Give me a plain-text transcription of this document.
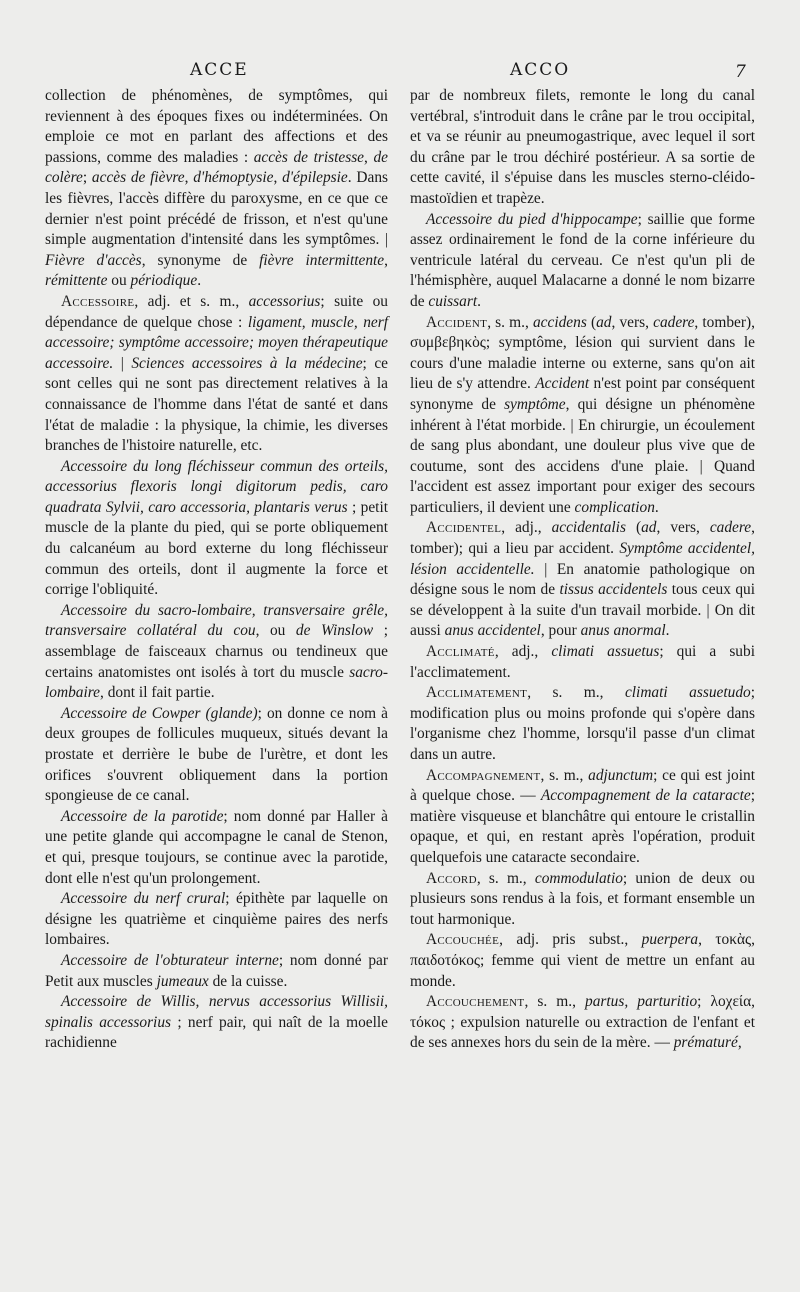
ACCE	ACCO	7

collection de phénomènes, de symptômes, qui reviennent à des époques fixes ou indéterminées. On emploie ce mot en parlant des affections et des passions, comme des maladies : accès de tristesse, de colère; accès de fièvre, d'hémoptysie, d'épilepsie. Dans les fièvres, l'accès diffère du paroxysme, en ce que ce dernier n'est point précédé de frisson, et n'est qu'une simple augmentation d'intensité dans les symptômes. | Fièvre d'accès, synonyme de fièvre intermittente, rémittente ou périodique.

Accessoire, adj. et s. m., accessorius; suite ou dépendance de quelque chose : ligament, muscle, nerf accessoire; symptôme accessoire; moyen thérapeutique accessoire. | Sciences accessoires à la médecine; ce sont celles qui ne sont pas directement relatives à la connaissance de l'homme dans l'état de santé et dans l'état de maladie : la physique, la chimie, les diverses branches de l'histoire naturelle, etc.

Accessoire du long fléchisseur commun des orteils, accessorius flexoris longi digitorum pedis, caro quadrata Sylvii, caro accessoria, plantaris verus ; petit muscle de la plante du pied, qui se porte obliquement du calcanéum au bord externe du long fléchisseur commun des orteils, dont il augmente la force et corrige l'obliquité.

Accessoire du sacro-lombaire, transversaire grêle, transversaire collatéral du cou, ou de Winslow ; assemblage de faisceaux charnus ou tendineux que certains anatomistes ont isolés à tort du muscle sacro-lombaire, dont il fait partie.

Accessoire de Cowper (glande); on donne ce nom à deux groupes de follicules muqueux, situés devant la prostate et derrière le bube de l'urètre, et dont les orifices s'ouvrent obliquement dans la portion spongieuse de ce canal.

Accessoire de la parotide; nom donné par Haller à une petite glande qui accompagne le canal de Stenon, et qui, presque toujours, se continue avec la parotide, dont elle n'est qu'un prolongement.

Accessoire du nerf crural; épithète par laquelle on désigne les quatrième et cinquième paires des nerfs lombaires.

Accessoire de l'obturateur interne; nom donné par Petit aux muscles jumeaux de la cuisse.

Accessoire de Willis, nervus accessorius Willisii, spinalis accessorius ; nerf pair, qui naît de la moelle rachidienne

par de nombreux filets, remonte le long du canal vertébral, s'introduit dans le crâne par le trou occipital, et va se réunir au pneumogastrique, avec lequel il sort du crâne par le trou déchiré postérieur. A sa sortie de cette cavité, il s'épuise dans les muscles sterno-cléido-mastoïdien et trapèze.

Accessoire du pied d'hippocampe; saillie que forme assez ordinairement le fond de la corne inférieure du ventricule latéral du cerveau. Ce n'est qu'un pli de l'hémisphère, auquel Malacarne a donné le nom bizarre de cuissart.

Accident, s. m., accidens (ad, vers, cadere, tomber), συμβεβηκὸς; symptôme, lésion qui survient dans le cours d'une maladie interne ou externe, sans qu'on ait lieu de s'y attendre. Accident n'est point par conséquent synonyme de symptôme, qui désigne un phénomène inhérent à l'état morbide. | En chirurgie, un écoulement de sang plus abondant, une douleur plus vive que de coutume, sont des accidens d'une plaie. | Quand l'accident est assez important pour exiger des secours particuliers, il devient une complication.

Accidentel, adj., accidentalis (ad, vers, cadere, tomber); qui a lieu par accident. Symptôme accidentel, lésion accidentelle. | En anatomie pathologique on désigne sous le nom de tissus accidentels tous ceux qui se développent à la suite d'un travail morbide. | On dit aussi anus accidentel, pour anus anormal.

Acclimaté, adj., climati assuetus; qui a subi l'acclimatement.

Acclimatement, s. m., climati assuetudo; modification plus ou moins profonde qui s'opère dans l'organisme chez l'homme, lorsqu'il passe d'un climat dans un autre.

Accompagnement, s. m., adjunctum; ce qui est joint à quelque chose. — Accompagnement de la cataracte; matière visqueuse et blanchâtre qui entoure le cristallin opaque, et qui, en restant après l'opération, produit quelquefois une cataracte secondaire.

Accord, s. m., commodulatio; union de deux ou plusieurs sons rendus à la fois, et formant ensemble un tout harmonique.

Accouchée, adj. pris subst., puerpera, τοκὰς, παιδοτόκος; femme qui vient de mettre un enfant au monde.

Accouchement, s. m., partus, parturitio; λοχεία, τόκος ; expulsion naturelle ou extraction de l'enfant et de ses annexes hors du sein de la mère. — prématuré,
